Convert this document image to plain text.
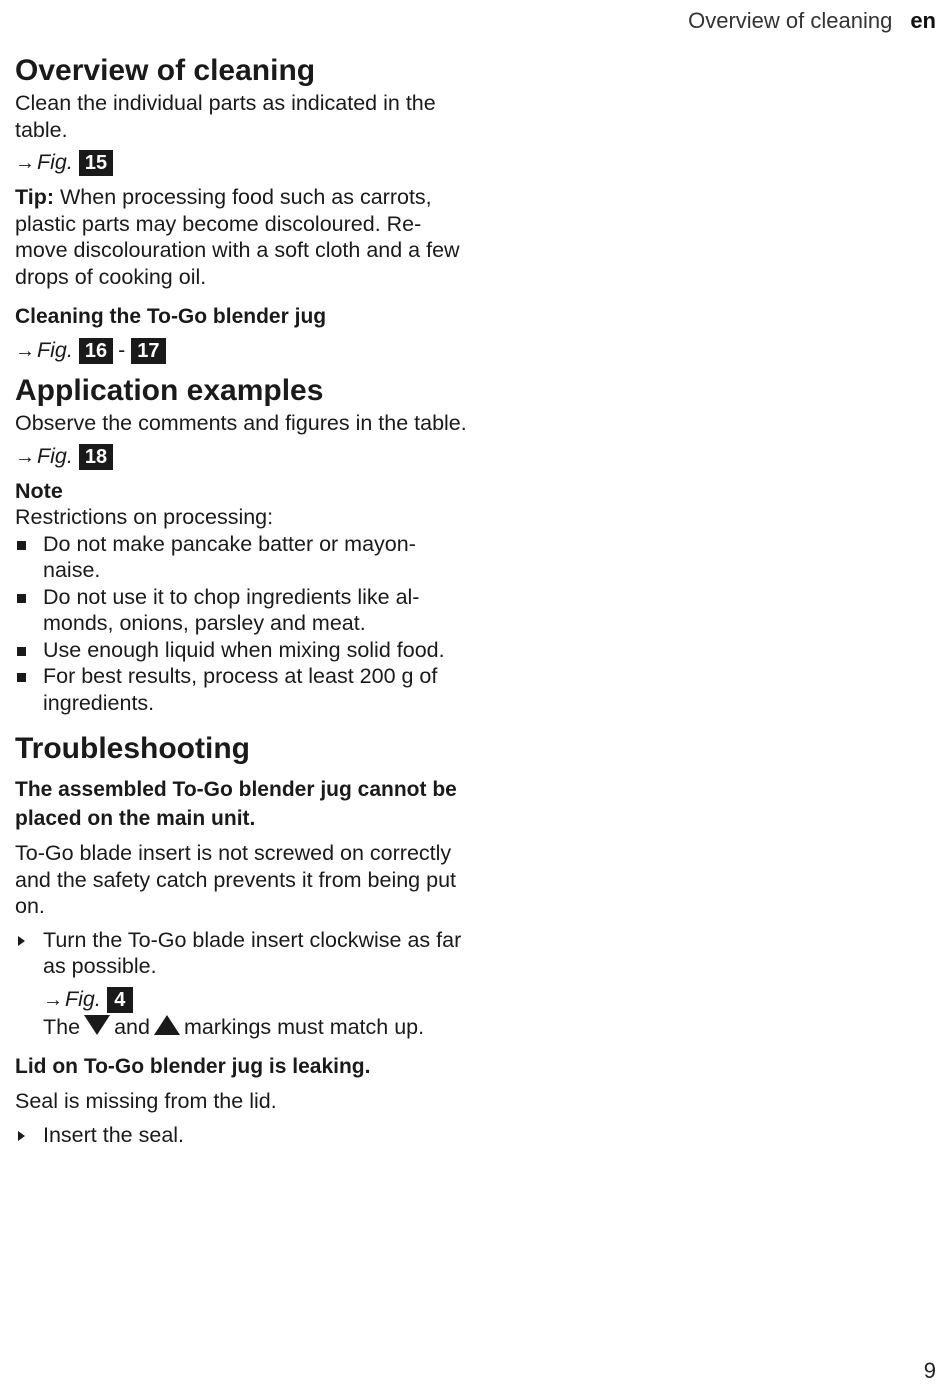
Overview of cleaning en
Overview of cleaning

Clean the individual parts as indicated in the table.

→Fig. 15

Tip: When processing food such as carrots, plastic parts may become discoloured. Re-move discolouration with a soft cloth and a few drops of cooking oil.

Cleaning the To-Go blender jug
→Fig. 16 - 17
Application examples

Observe the comments and figures in the table.

→Fig. 18

Note

Restrictions on processing:

Do not make pancake batter or mayon-naise.
Do not use it to chop ingredients like al-monds, onions, parsley and meat.
Use enough liquid when mixing solid food.
For best results, process at least 200 g of ingredients.
Troubleshooting
The assembled To-Go blender jug cannot be placed on the main unit.

To-Go blade insert is not screwed on correctly and the safety catch prevents it from being put on.

Turn the To-Go blade insert clockwise as far as possible.
→Fig. 4

The and markings must match up.

Lid on To-Go blender jug is leaking.

Seal is missing from the lid.

Insert the seal.
9
